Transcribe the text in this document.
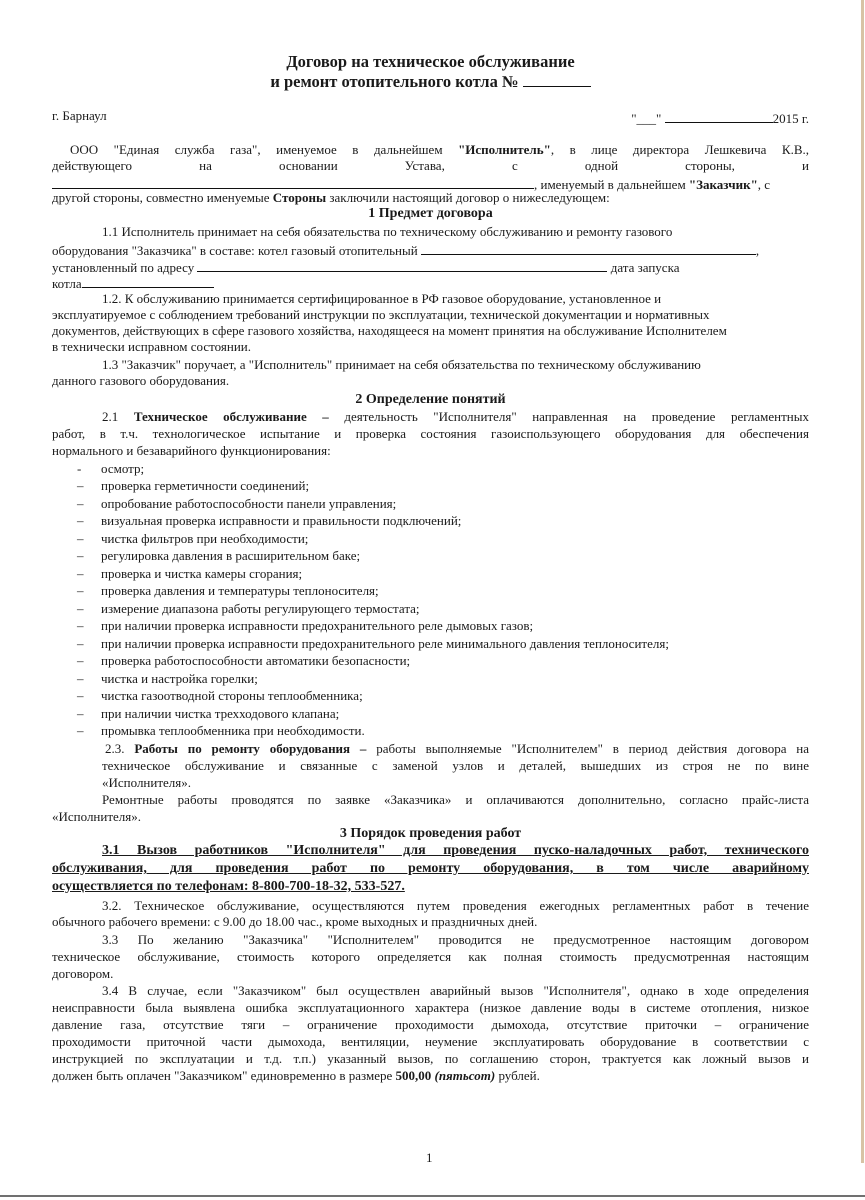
Договор на техническое обслуживание
и ремонт отопительного котла №
г. Барнаул	"___"	2015 г.
ООО "Единая служба газа", именуемое в дальнейшем "Исполнитель", в лице директора Лешкевича К.В.,
действующего на основании Устава, с одной стороны, и
, именуемый в дальнейшем "Заказчик", с
другой стороны, совместно именуемые Стороны заключили настоящий договор о нижеследующем:
1 Предмет договора
1.1 Исполнитель принимает на себя обязательства по техническому обслуживанию и ремонту газового
оборудования "Заказчика" в составе: котел газовый отопительный	,
установленный по адресу	дата запуска
котла
1.2. К обслуживанию принимается сертифицированное в РФ газовое оборудование, установленное и
эксплуатируемое с соблюдением требований инструкции по эксплуатации, технической документации и нормативных
документов, действующих в сфере газового хозяйства, находящееся на момент принятия на обслуживание Исполнителем
в технически исправном состоянии.
1.3 "Заказчик" поручает, а "Исполнитель" принимает на себя обязательства по техническому обслуживанию
данного газового оборудования.
2 Определение понятий
2.1 Техническое обслуживание – деятельность "Исполнителя" направленная на проведение регламентных
работ, в т.ч. технологическое испытание и проверка состояния газоиспользующего оборудования для обеспечения
нормального и безаварийного функционирования:
- осмотр;
– проверка герметичности соединений;
– опробование работоспособности панели управления;
– визуальная проверка исправности и правильности подключений;
– чистка фильтров при необходимости;
– регулировка давления в расширительном баке;
– проверка и чистка камеры сгорания;
– проверка давления и температуры теплоносителя;
– измерение диапазона работы регулирующего термостата;
– при наличии проверка исправности предохранительного реле дымовых газов;
– при наличии проверка исправности предохранительного реле минимального давления теплоносителя;
– проверка работоспособности автоматики безопасности;
– чистка и настройка горелки;
– чистка газоотводной стороны теплообменника;
– при наличии чистка трехходового клапана;
– промывка теплообменника при необходимости.
2.3. Работы по ремонту оборудования – работы выполняемые "Исполнителем" в период действия договора на
техническое обслуживание и связанные с заменой узлов и деталей, вышедших из строя не по вине
«Исполнителя».
Ремонтные работы проводятся по заявке «Заказчика» и оплачиваются дополнительно, согласно прайс-листа
«Исполнителя».
3 Порядок проведения работ
3.1 Вызов работников "Исполнителя" для проведения пуско-наладочных работ, технического
обслуживания, для проведения работ по ремонту оборудования, в том числе аварийному
осуществляется по телефонам: 8-800-700-18-32, 533-527.
3.2. Техническое обслуживание, осуществляются путем проведения ежегодных регламентных работ в течение
обычного рабочего времени: с 9.00 до 18.00 час., кроме выходных и праздничных дней.
3.3 По желанию "Заказчика" "Исполнителем" проводится не предусмотренное настоящим договором
техническое обслуживание, стоимость которого определяется как полная стоимость предусмотренная настоящим
договором.
3.4 В случае, если "Заказчиком" был осуществлен аварийный вызов "Исполнителя", однако в ходе определения
неисправности была выявлена ошибка эксплуатационного характера (низкое давление воды в системе отопления, низкое
давление газа, отсутствие тяги – ограничение проходимости дымохода, отсутствие приточки – ограничение
проходимости приточной части дымохода, вентиляции, неумение эксплуатировать оборудование в соответствии с
инструкцией по эксплуатации и т.д. т.п.) указанный вызов, по соглашению сторон, трактуется как ложный вызов и
должен быть оплачен "Заказчиком" единовременно в размере 500,00 (пятьсот) рублей.
1
